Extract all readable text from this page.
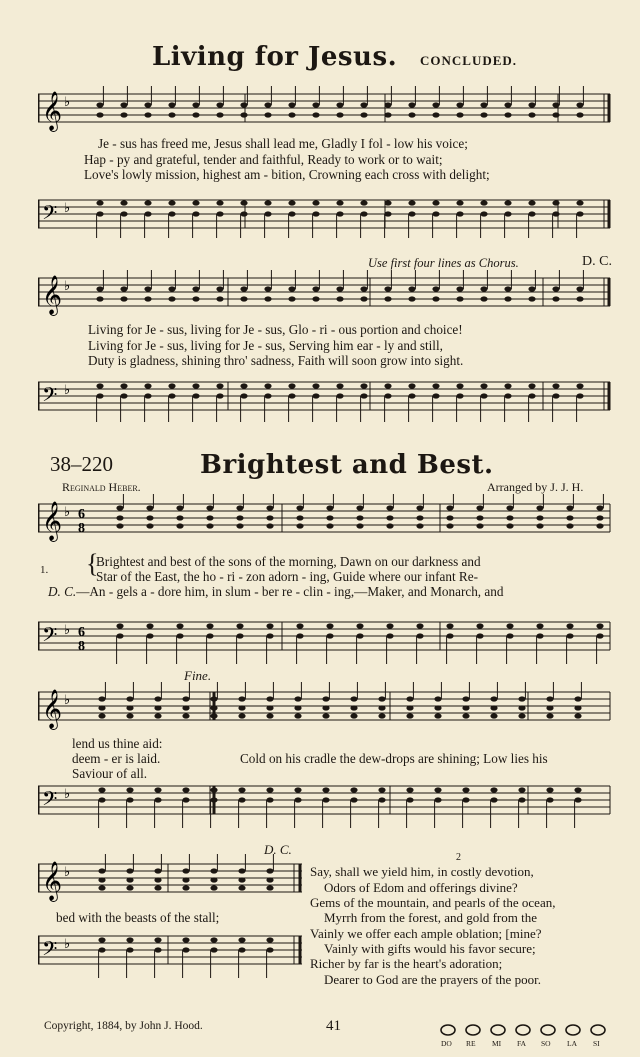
Living for Jesus. CONCLUDED.
𝄞 ♭
Je - sus has freed me, Jesus shall lead me, Gladly I fol - low his voice;
Hap - py and grateful, tender and faithful, Ready to work or to wait;
Love's lowly mission, highest am - bition, Crowning each cross with delight;
𝄢 ♭
Use first four lines as Chorus.	D. C.
𝄞 ♭
Living for Je - sus, living for Je - sus, Glo - ri - ous portion and choice!
Living for Je - sus, living for Je - sus, Serving him ear - ly and still,
Duty is gladness, shining thro' sadness, Faith will soon grow into sight.
𝄢 ♭
38–220	Brightest and Best.
Reginald Heber.	Arranged by J. J. H.
𝄞 ♭ 6
8
1. {
Brightest and best of the sons of the morning, Dawn on our darkness and
Star of the East, the ho - ri - zon adorn - ing, Guide where our infant Re-
D. C.—An - gels a - dore him, in slum - ber re - clin - ing,—Maker, and Monarch, and
𝄢 ♭ 6
8
Fine.
𝄞 ♭
lend us thine aid:
deem - er is laid.
Saviour of all.
Cold on his cradle the dew-drops are shining; Low lies his
𝄢 ♭
D. C.
𝄞 ♭
bed with the beasts of the stall;
𝄢 ♭
2
Say, shall we yield him, in costly devotion,
Odors of Edom and offerings divine?
Gems of the mountain, and pearls of the ocean,
Myrrh from the forest, and gold from the
Vainly we offer each ample oblation; [mine?
Vainly with gifts would his favor secure;
Richer by far is the heart's adoration;
Dearer to God are the prayers of the poor.
Copyright, 1884, by John J. Hood.	41
DO RE MI FA SO LA SI
